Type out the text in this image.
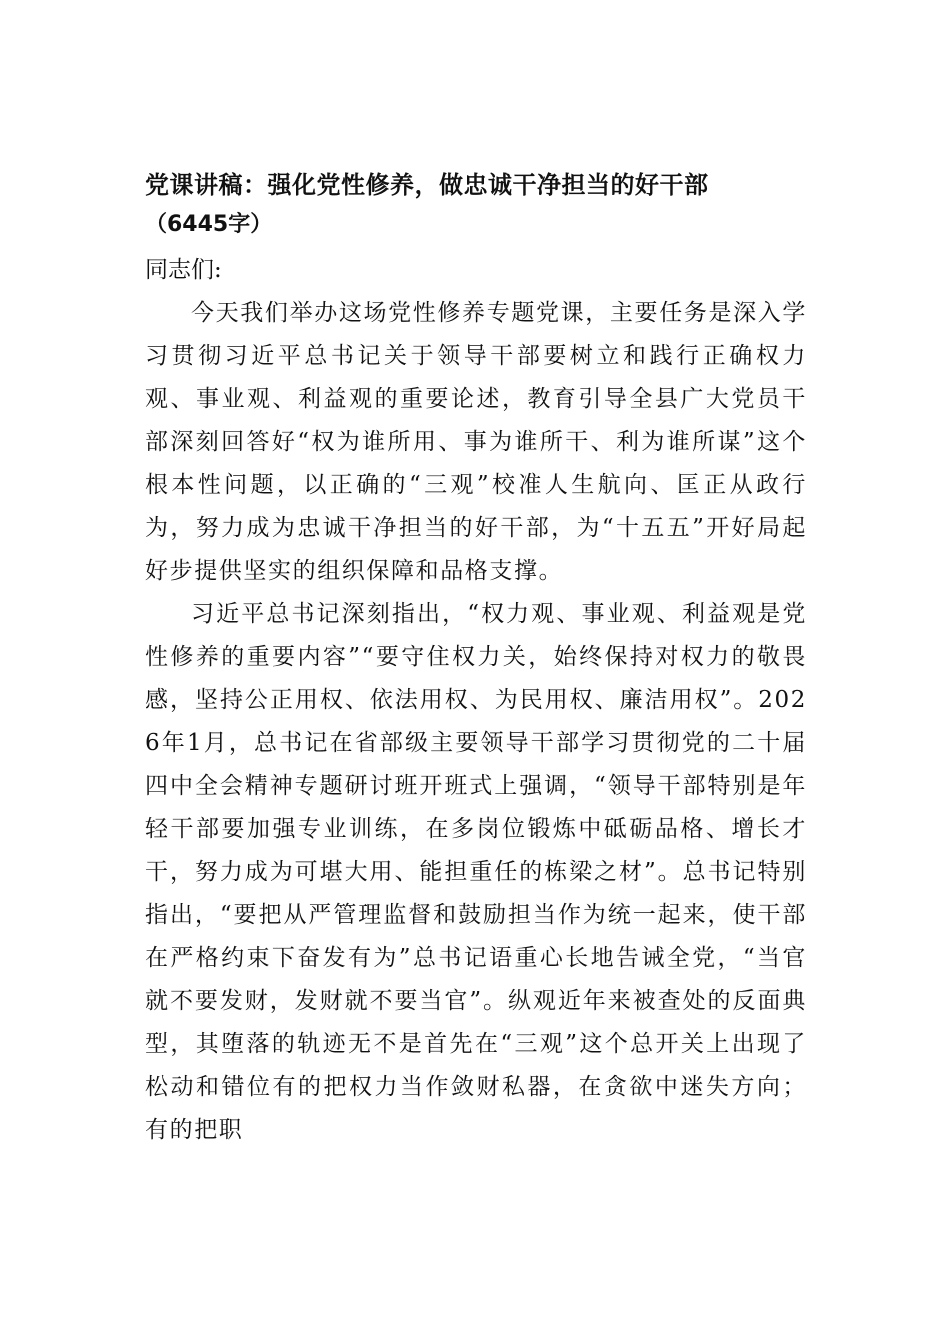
党课讲稿：强化党性修养，做忠诚干净担当的好干部

（6445字）

同志们:

今天我们举办这场党性修养专题党课，主要任务是深入学习贯彻习近平总书记关于领导干部要树立和践行正确权力观、事业观、利益观的重要论述，教育引导全县广大党员干部深刻回答好“权为谁所用、事为谁所干、利为谁所谋”这个根本性问题，以正确的“三观”校准人生航向、匡正从政行为，努力成为忠诚干净担当的好干部，为“十五五”开好局起好步提供坚实的组织保障和品格支撑。

习近平总书记深刻指出，“权力观、事业观、利益观是党性修养的重要内容”“要守住权力关，始终保持对权力的敬畏感，坚持公正用权、依法用权、为民用权、廉洁用权”。2026年1月，总书记在省部级主要领导干部学习贯彻党的二十届四中全会精神专题研讨班开班式上强调，“领导干部特别是年轻干部要加强专业训练，在多岗位锻炼中砥砺品格、增长才干，努力成为可堪大用、能担重任的栋梁之材”。总书记特别指出，“要把从严管理监督和鼓励担当作为统一起来，使干部在严格约束下奋发有为”总书记语重心长地告诫全党，“当官就不要发财，发财就不要当官”。纵观近年来被查处的反面典型，其堕落的轨迹无不是首先在“三观”这个总开关上出现了松动和错位有的把权力当作敛财私器，在贪欲中迷失方向；有的把职
